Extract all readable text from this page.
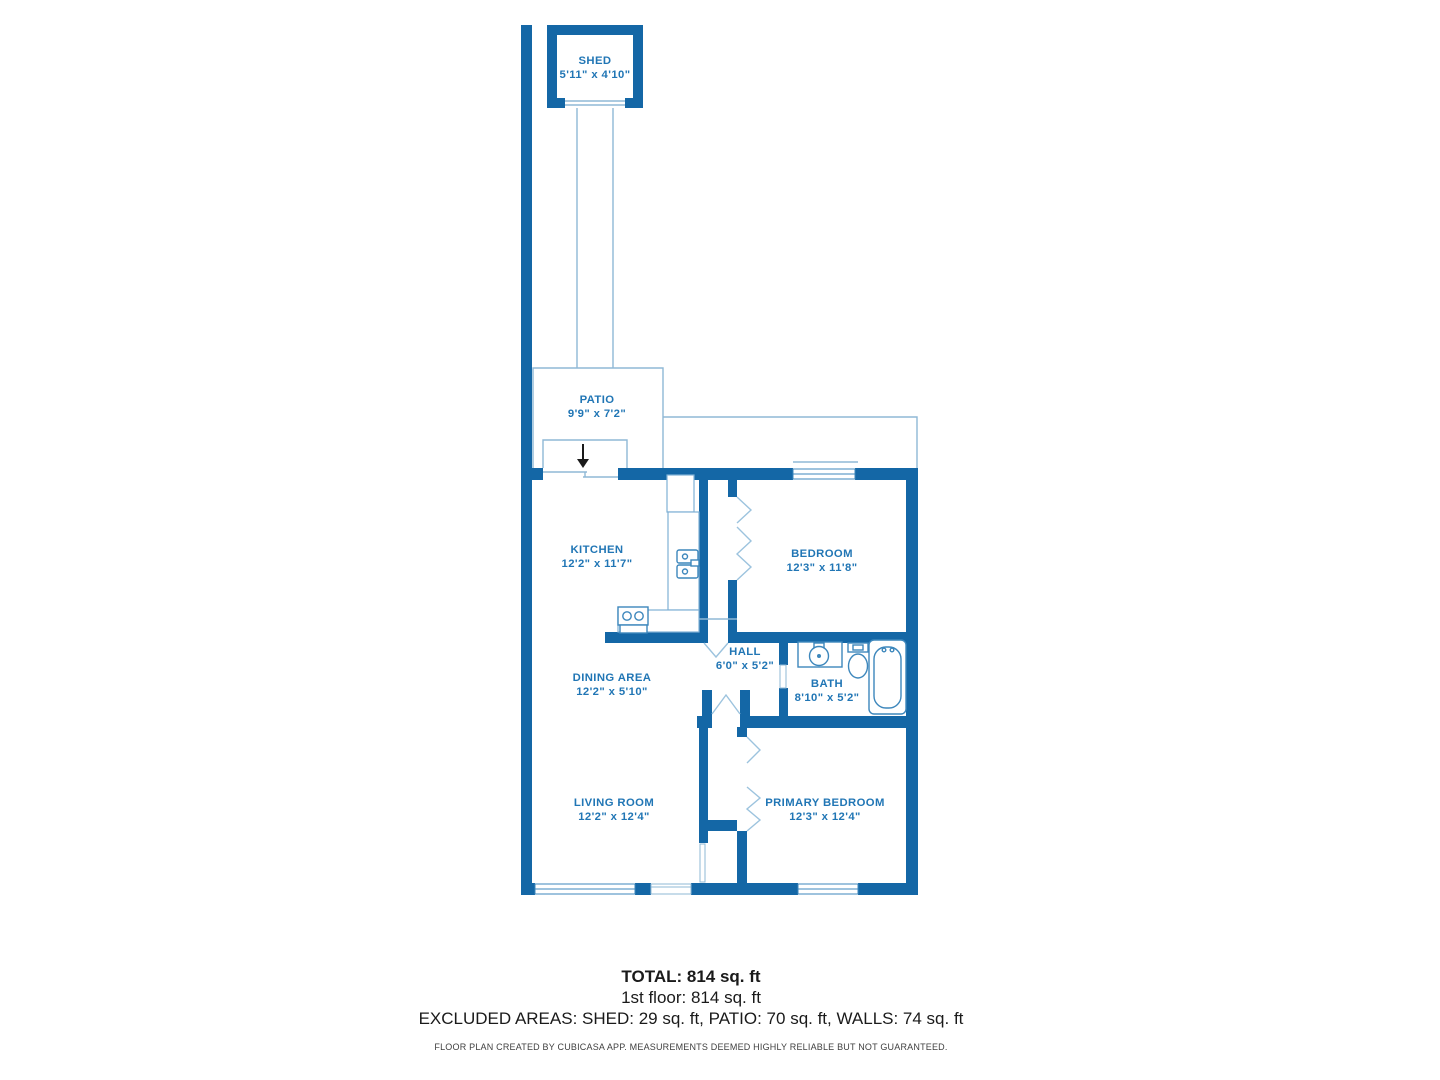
SHED
5'11" x 4'10"
PATIO
9'9" x 7'2"
KITCHEN
12'2" x 11'7"
BEDROOM
12'3" x 11'8"
HALL
6'0" x 5'2"
BATH
8'10" x 5'2"
DINING AREA
12'2" x 5'10"
LIVING ROOM
12'2" x 12'4"
PRIMARY BEDROOM
12'3" x 12'4"
TOTAL: 814 sq. ft
1st floor: 814 sq. ft
EXCLUDED AREAS: SHED: 29 sq. ft, PATIO: 70 sq. ft, WALLS: 74 sq. ft
FLOOR PLAN CREATED BY CUBICASA APP. MEASUREMENTS DEEMED HIGHLY RELIABLE BUT NOT GUARANTEED.
